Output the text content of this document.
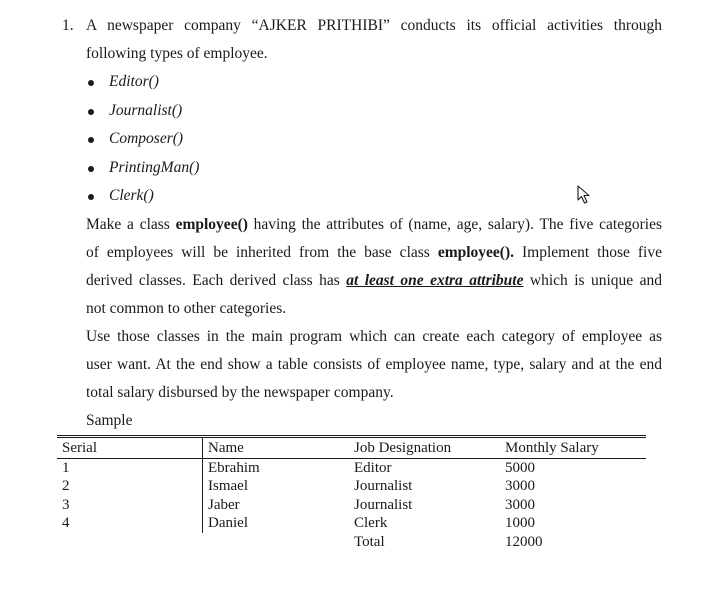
1. A newspaper company “AJKER PRITHIBI” conducts its official activities through
following types of employee.
Editor()
Journalist()
Composer()
PrintingMan()
Clerk()
Make a class employee() having the attributes of (name, age, salary). The five categories
of employees will be inherited from the base class employee(). Implement those five
derived classes. Each derived class has at least one extra attribute which is unique and
not common to other categories.
Use those classes in the main program which can create each category of employee as
user want. At the end show a table consists of employee name, type, salary and at the end
total salary disbursed by the newspaper company.
Sample
Serial	Name	Job Designation	Monthly Salary
1	Ebrahim	Editor	5000
2	Ismael	Journalist	3000
3	Jaber	Journalist	3000
4	Daniel	Clerk	1000
		Total	12000
